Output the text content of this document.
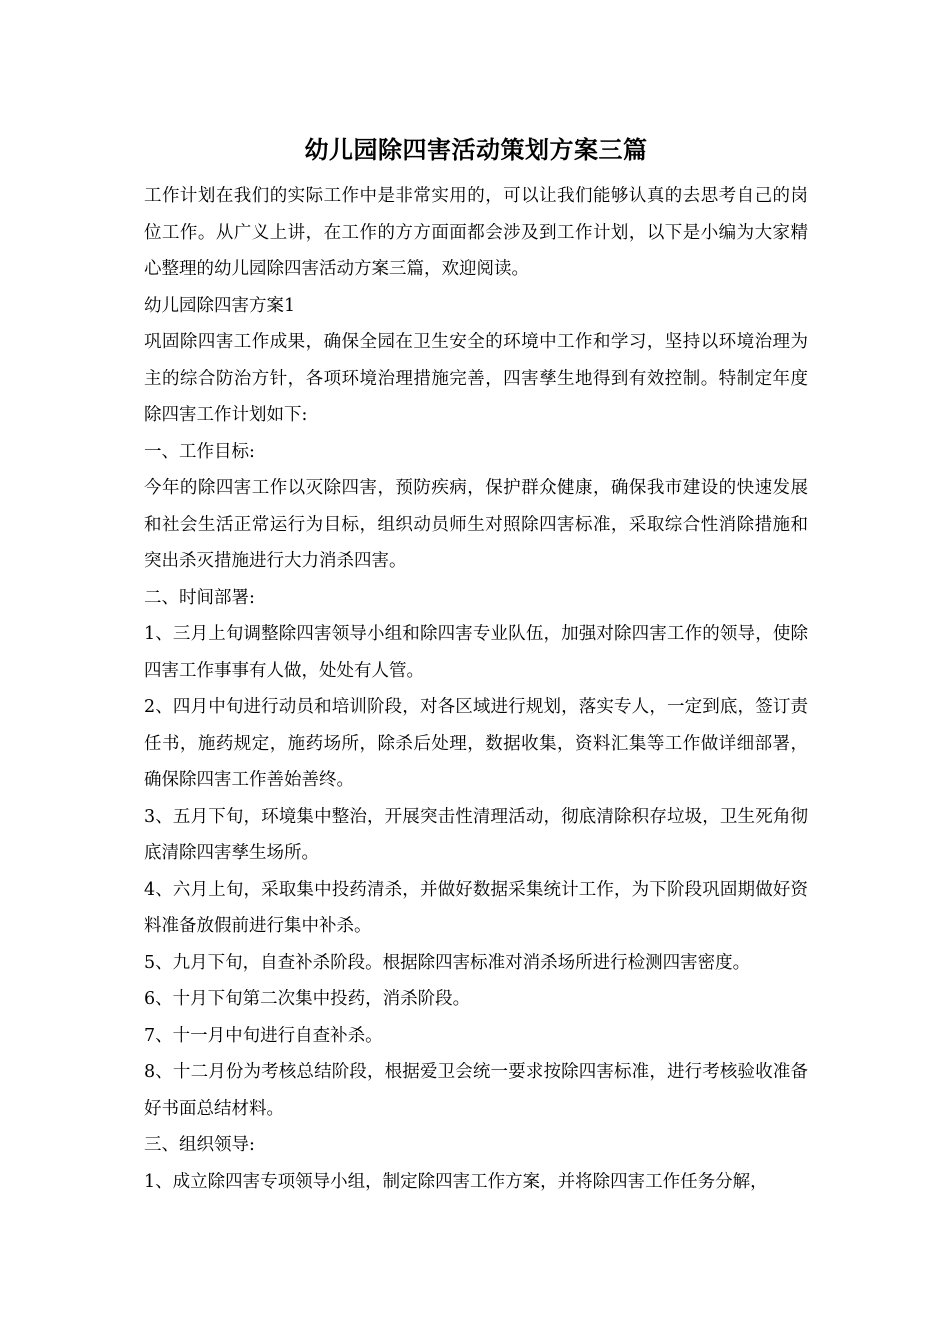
幼儿园除四害活动策划方案三篇

工作计划在我们的实际工作中是非常实用的，可以让我们能够认真的去思考自己的岗位工作。从广义上讲，在工作的方方面面都会涉及到工作计划，以下是小编为大家精心整理的幼儿园除四害活动方案三篇，欢迎阅读。

幼儿园除四害方案1

巩固除四害工作成果，确保全园在卫生安全的环境中工作和学习，坚持以环境治理为主的综合防治方针，各项环境治理措施完善，四害孳生地得到有效控制。特制定年度除四害工作计划如下:

一、工作目标:

今年的除四害工作以灭除四害，预防疾病，保护群众健康，确保我市建设的快速发展和社会生活正常运行为目标，组织动员师生对照除四害标准，采取综合性消除措施和突出杀灭措施进行大力消杀四害。

二、时间部署:

1、三月上旬调整除四害领导小组和除四害专业队伍，加强对除四害工作的领导，使除四害工作事事有人做，处处有人管。

2、四月中旬进行动员和培训阶段，对各区域进行规划，落实专人，一定到底，签订责任书，施药规定，施药场所，除杀后处理，数据收集，资料汇集等工作做详细部署，确保除四害工作善始善终。

3、五月下旬，环境集中整治，开展突击性清理活动，彻底清除积存垃圾，卫生死角彻底清除四害孳生场所。

4、六月上旬，采取集中投药清杀，并做好数据采集统计工作，为下阶段巩固期做好资料准备放假前进行集中补杀。

5、九月下旬，自查补杀阶段。根据除四害标准对消杀场所进行检测四害密度。

6、十月下旬第二次集中投药，消杀阶段。

7、十一月中旬进行自查补杀。

8、十二月份为考核总结阶段，根据爱卫会统一要求按除四害标准，进行考核验收准备好书面总结材料。

三、组织领导:

1、成立除四害专项领导小组，制定除四害工作方案，并将除四害工作任务分解，
